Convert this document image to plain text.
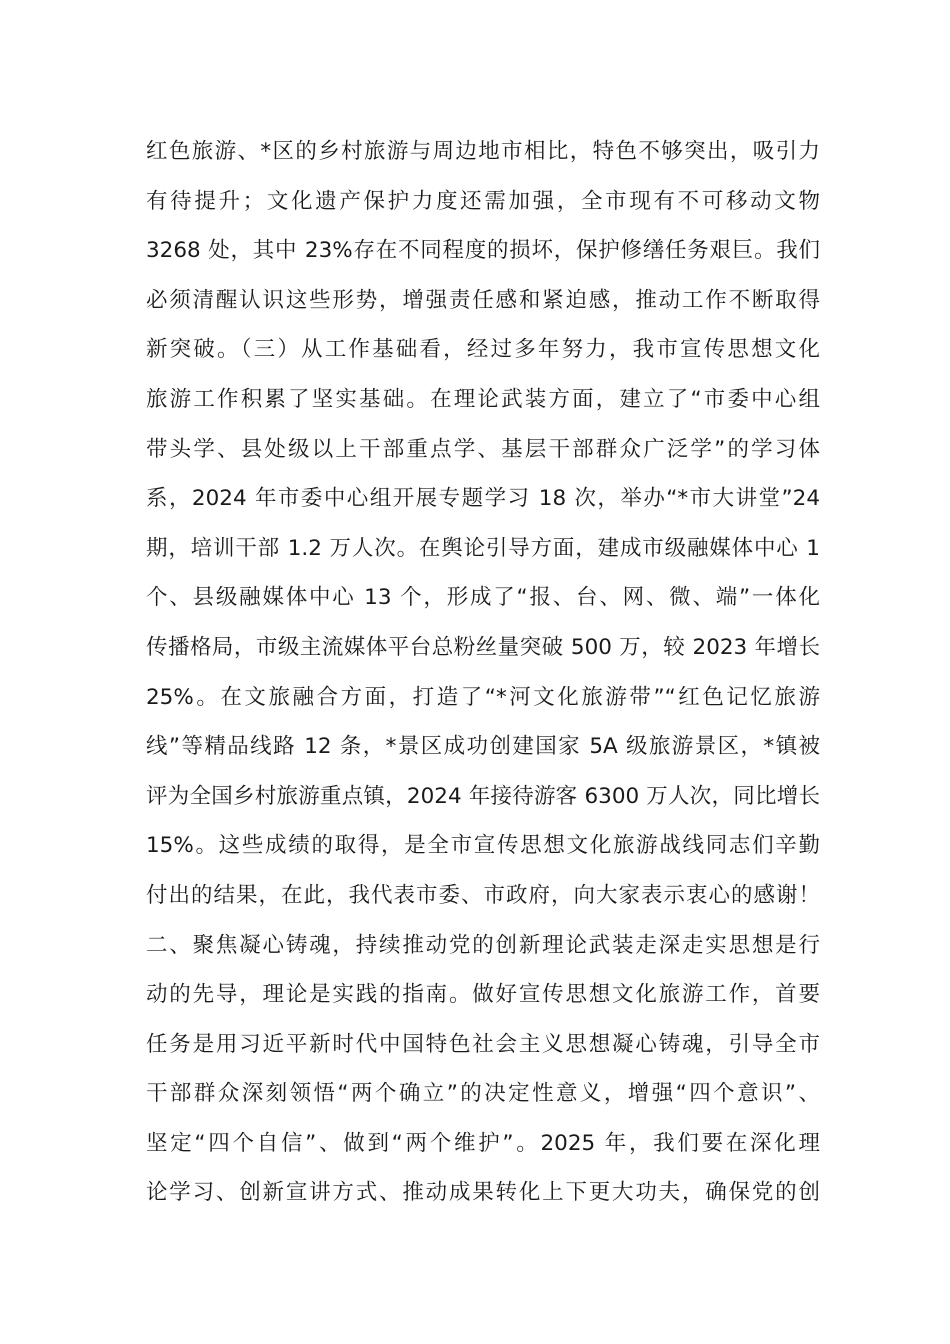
红色旅游、*区的乡村旅游与周边地市相比，特色不够突出，吸引力
有待提升；文化遗产保护力度还需加强，全市现有不可移动文物
3268 处，其中 23%存在不同程度的损坏，保护修缮任务艰巨。我们
必须清醒认识这些形势，增强责任感和紧迫感，推动工作不断取得
新突破。（三）从工作基础看，经过多年努力，我市宣传思想文化
旅游工作积累了坚实基础。在理论武装方面，建立了“市委中心组
带头学、县处级以上干部重点学、基层干部群众广泛学”的学习体
系，2024 年市委中心组开展专题学习 18 次，举办“*市大讲堂”24
期，培训干部 1.2 万人次。在舆论引导方面，建成市级融媒体中心 1
个、县级融媒体中心 13 个，形成了“报、台、网、微、端”一体化
传播格局，市级主流媒体平台总粉丝量突破 500 万，较 2023 年增长
25%。在文旅融合方面，打造了“*河文化旅游带”“红色记忆旅游
线”等精品线路 12 条，*景区成功创建国家 5A 级旅游景区，*镇被
评为全国乡村旅游重点镇，2024 年接待游客 6300 万人次，同比增长
15%。这些成绩的取得，是全市宣传思想文化旅游战线同志们辛勤
付出的结果，在此，我代表市委、市政府，向大家表示衷心的感谢！
二、聚焦凝心铸魂，持续推动党的创新理论武装走深走实思想是行
动的先导，理论是实践的指南。做好宣传思想文化旅游工作，首要
任务是用习近平新时代中国特色社会主义思想凝心铸魂，引导全市
干部群众深刻领悟“两个确立”的决定性意义，增强“四个意识”、
坚定“四个自信”、做到“两个维护”。2025 年，我们要在深化理
论学习、创新宣讲方式、推动成果转化上下更大功夫，确保党的创
